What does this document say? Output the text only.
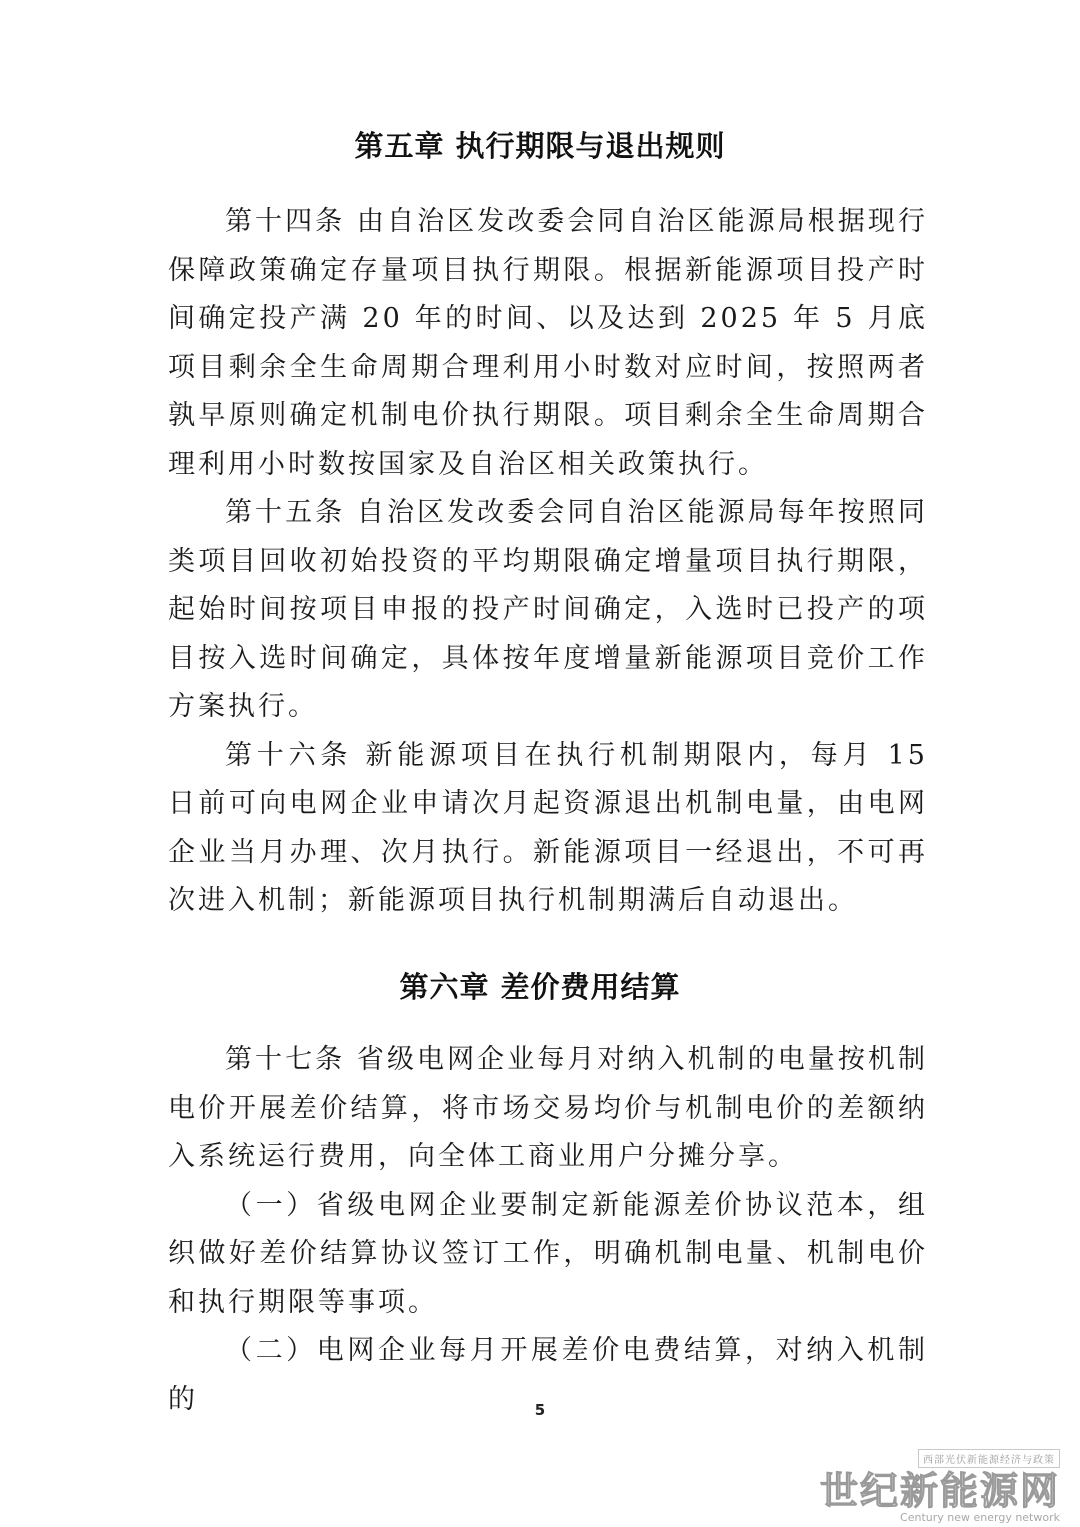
第五章 执行期限与退出规则

第十四条 由自治区发改委会同自治区能源局根据现行保障政策确定存量项目执行期限。根据新能源项目投产时间确定投产满 20 年的时间、以及达到 2025 年 5 月底项目剩余全生命周期合理利用小时数对应时间，按照两者孰早原则确定机制电价执行期限。项目剩余全生命周期合理利用小时数按国家及自治区相关政策执行。

第十五条 自治区发改委会同自治区能源局每年按照同类项目回收初始投资的平均期限确定增量项目执行期限，起始时间按项目申报的投产时间确定，入选时已投产的项目按入选时间确定，具体按年度增量新能源项目竞价工作方案执行。

第十六条 新能源项目在执行机制期限内，每月 15 日前可向电网企业申请次月起资源退出机制电量，由电网企业当月办理、次月执行。新能源项目一经退出，不可再次进入机制；新能源项目执行机制期满后自动退出。

第六章 差价费用结算

第十七条 省级电网企业每月对纳入机制的电量按机制电价开展差价结算，将市场交易均价与机制电价的差额纳入系统运行费用，向全体工商业用户分摊分享。

（一）省级电网企业要制定新能源差价协议范本，组织做好差价结算协议签订工作，明确机制电量、机制电价和执行期限等事项。

（二）电网企业每月开展差价电费结算，对纳入机制的	5
西部光伏新能源经济与政策
世纪新能源网
Century new energy network
